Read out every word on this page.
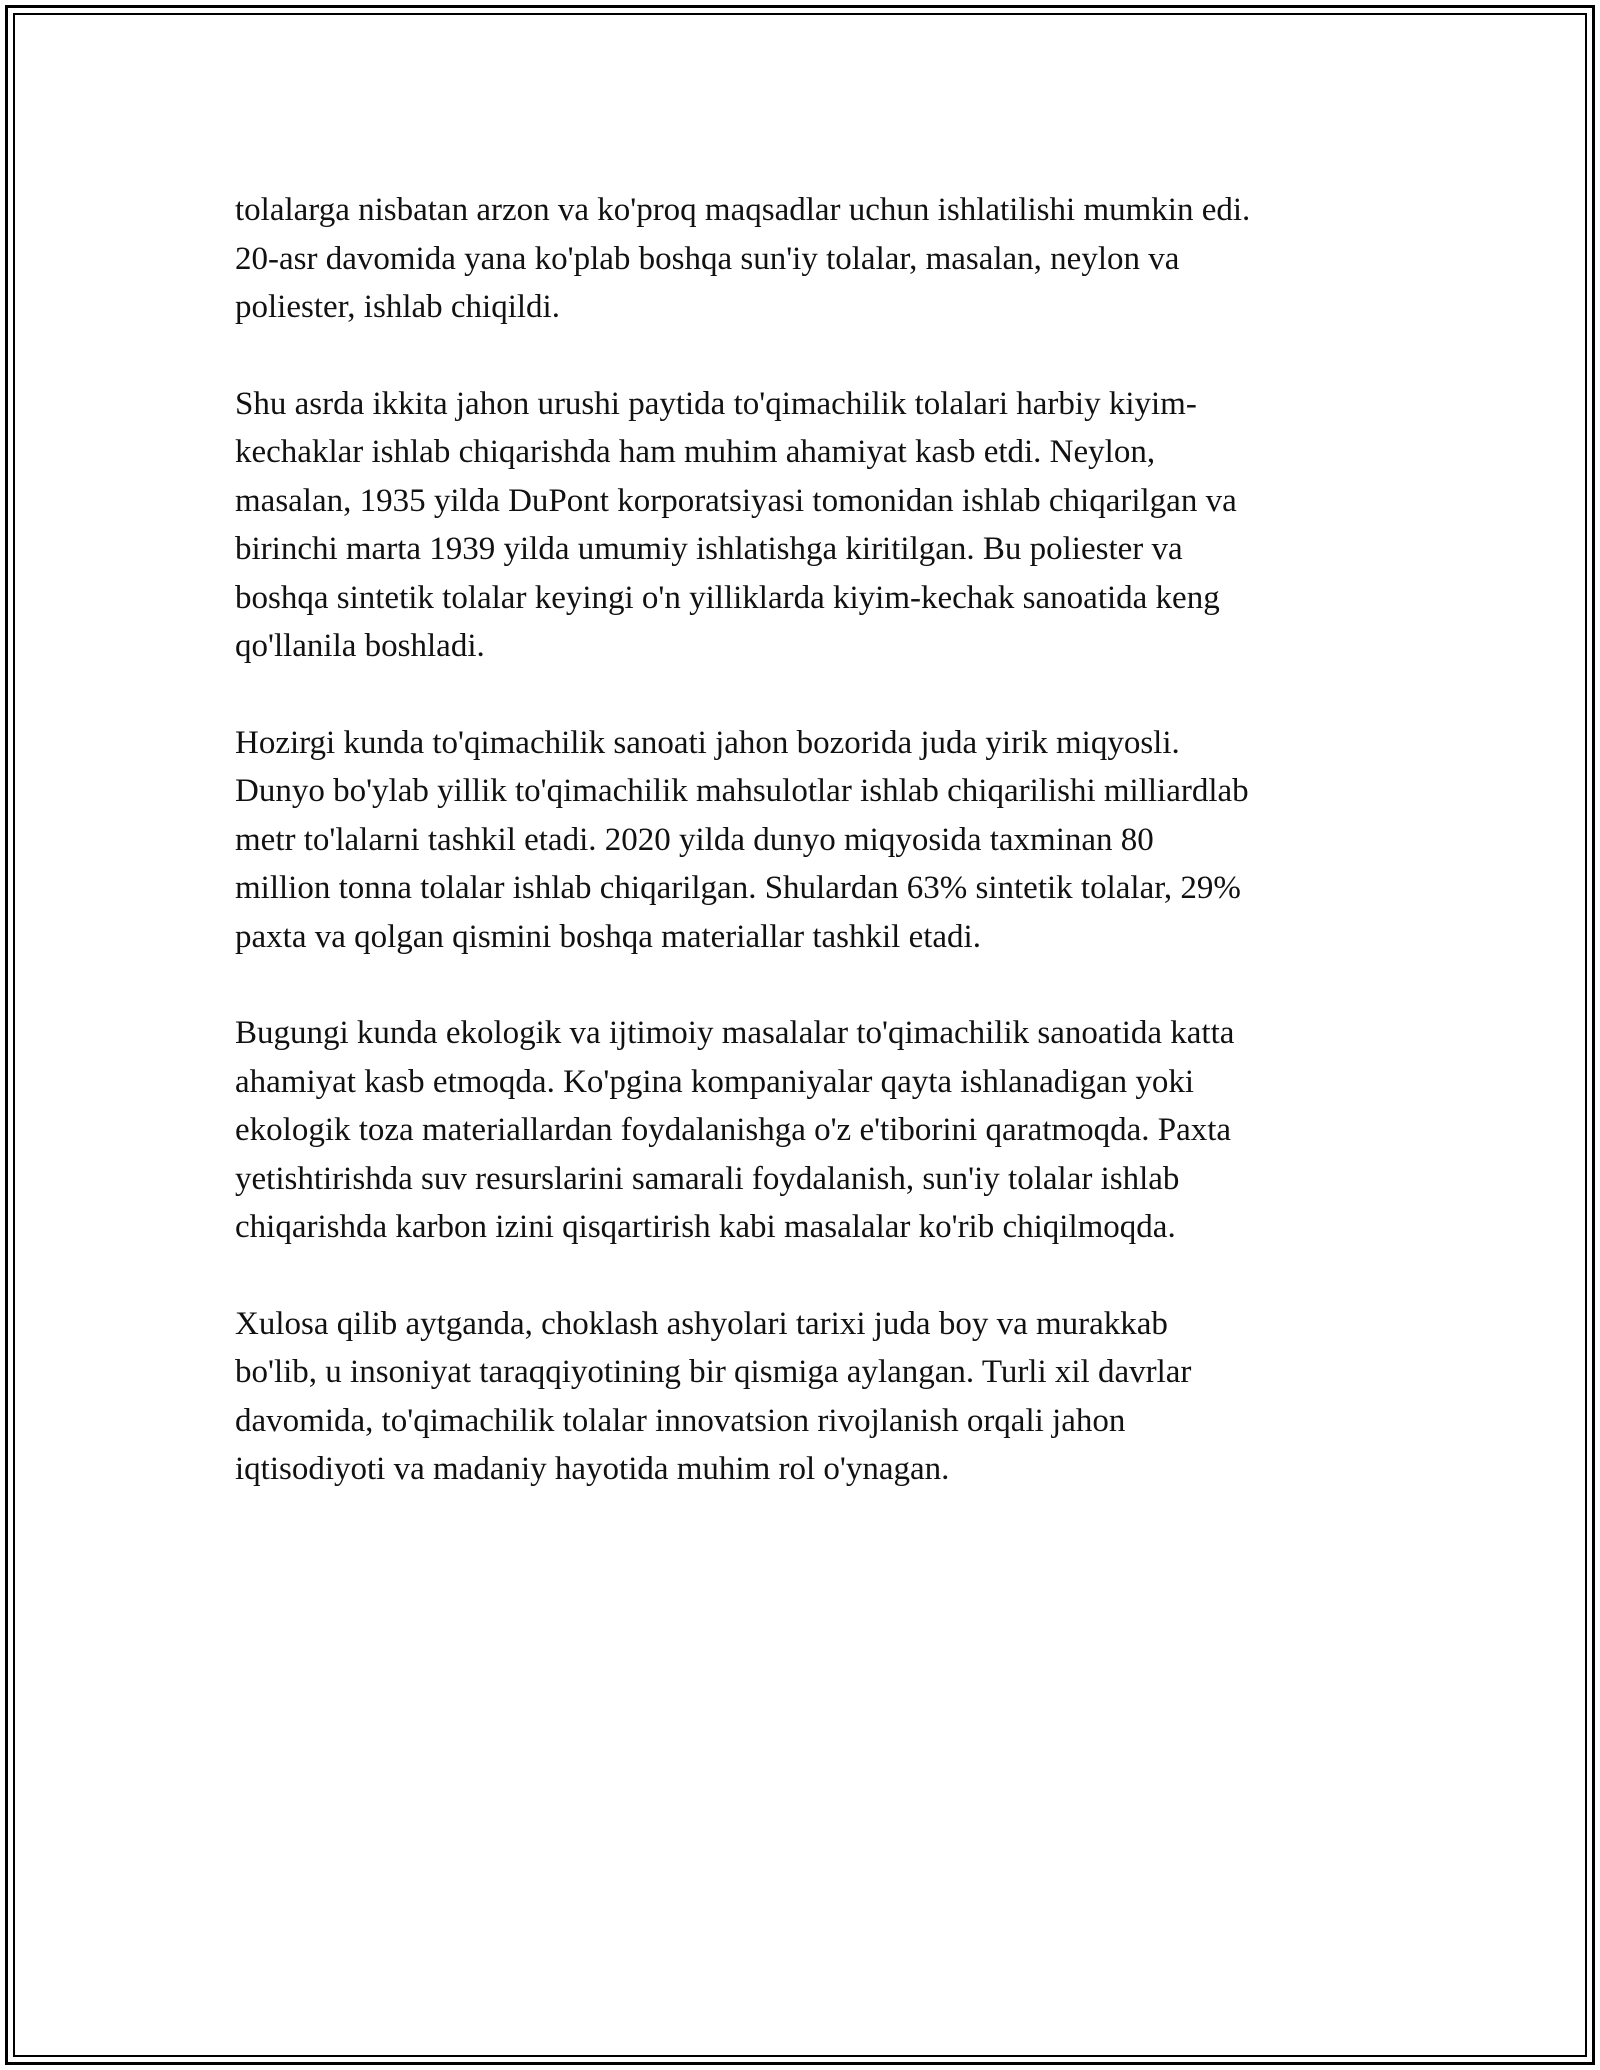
tolalarga nisbatan arzon va ko'proq maqsadlar uchun ishlatilishi mumkin edi.
20-asr davomida yana ko'plab boshqa sun'iy tolalar, masalan, neylon va
poliester, ishlab chiqildi.

Shu asrda ikkita jahon urushi paytida to'qimachilik tolalari harbiy kiyim-
kechaklar ishlab chiqarishda ham muhim ahamiyat kasb etdi. Neylon,
masalan, 1935 yilda DuPont korporatsiyasi tomonidan ishlab chiqarilgan va
birinchi marta 1939 yilda umumiy ishlatishga kiritilgan. Bu poliester va
boshqa sintetik tolalar keyingi o'n yilliklarda kiyim-kechak sanoatida keng
qo'llanila boshladi.

Hozirgi kunda to'qimachilik sanoati jahon bozorida juda yirik miqyosli.
Dunyo bo'ylab yillik to'qimachilik mahsulotlar ishlab chiqarilishi milliardlab
metr to'lalarni tashkil etadi. 2020 yilda dunyo miqyosida taxminan 80
million tonna tolalar ishlab chiqarilgan. Shulardan 63% sintetik tolalar, 29%
paxta va qolgan qismini boshqa materiallar tashkil etadi.

Bugungi kunda ekologik va ijtimoiy masalalar to'qimachilik sanoatida katta
ahamiyat kasb etmoqda. Ko'pgina kompaniyalar qayta ishlanadigan yoki
ekologik toza materiallardan foydalanishga o'z e'tiborini qaratmoqda. Paxta
yetishtirishda suv resurslarini samarali foydalanish, sun'iy tolalar ishlab
chiqarishda karbon izini qisqartirish kabi masalalar ko'rib chiqilmoqda.

Xulosa qilib aytganda, choklash ashyolari tarixi juda boy va murakkab
bo'lib, u insoniyat taraqqiyotining bir qismiga aylangan. Turli xil davrlar
davomida, to'qimachilik tolalar innovatsion rivojlanish orqali jahon
iqtisodiyoti va madaniy hayotida muhim rol o'ynagan.
